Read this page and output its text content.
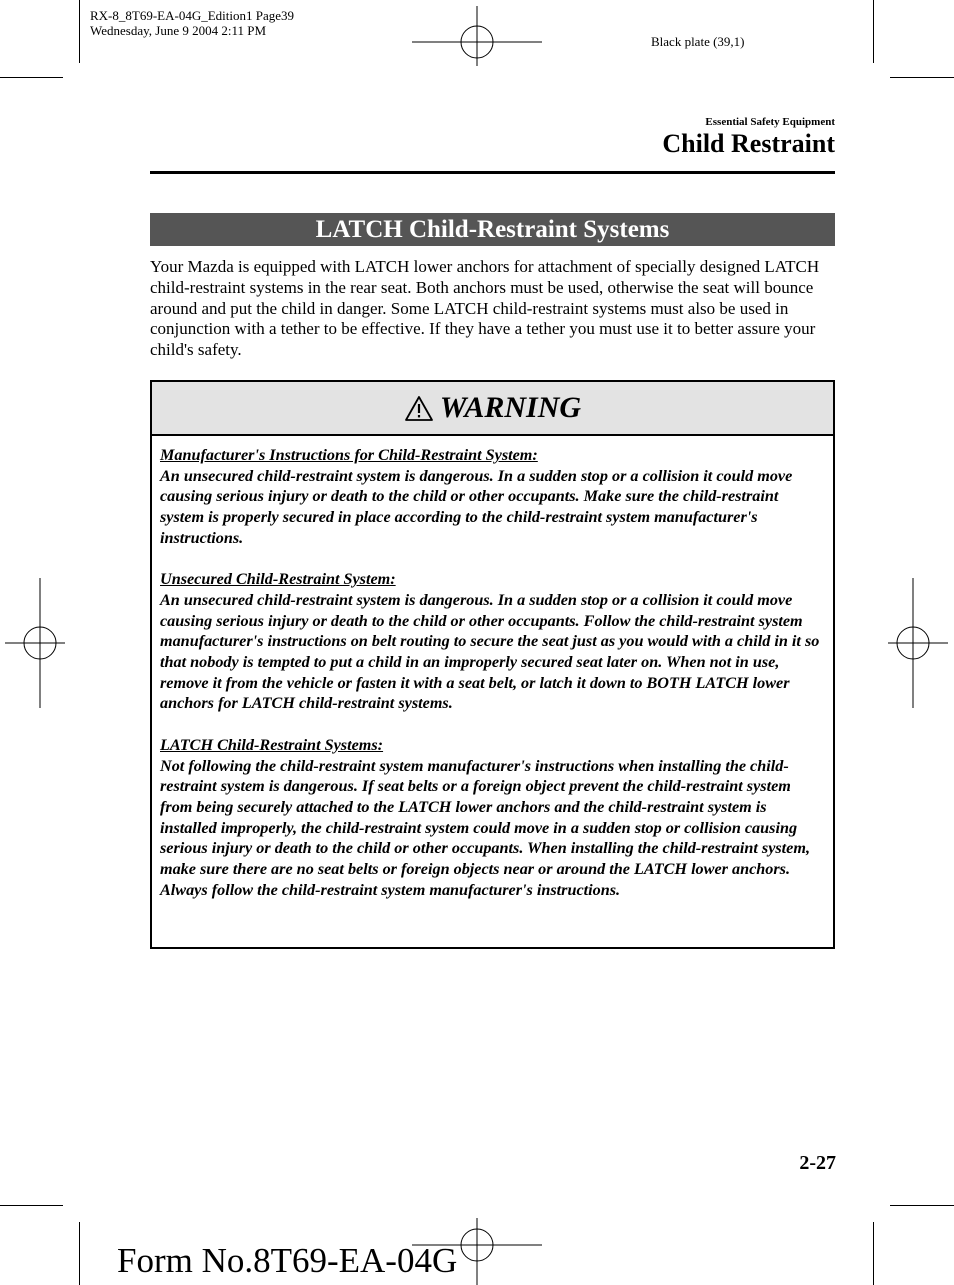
RX-8_8T69-EA-04G_Edition1 Page39
Wednesday, June 9 2004 2:11 PM
Black plate (39,1)
Essential Safety Equipment
Child Restraint
LATCH Child-Restraint Systems
Your Mazda is equipped with LATCH lower anchors for attachment of specially designed LATCH child-restraint systems in the rear seat. Both anchors must be used, otherwise the seat will bounce around and put the child in danger. Some LATCH child-restraint systems must also be used in conjunction with a tether to be effective. If they have a tether you must use it to better assure your child's safety.
WARNING

Manufacturer's Instructions for Child-Restraint System:
An unsecured child-restraint system is dangerous. In a sudden stop or a collision it could move causing serious injury or death to the child or other occupants. Make sure the child-restraint system is properly secured in place according to the child-restraint system manufacturer's instructions.

Unsecured Child-Restraint System:
An unsecured child-restraint system is dangerous. In a sudden stop or a collision it could move causing serious injury or death to the child or other occupants. Follow the child-restraint system manufacturer's instructions on belt routing to secure the seat just as you would with a child in it so that nobody is tempted to put a child in an improperly secured seat later on. When not in use, remove it from the vehicle or fasten it with a seat belt, or latch it down to BOTH LATCH lower anchors for LATCH child-restraint systems.

LATCH Child-Restraint Systems:
Not following the child-restraint system manufacturer's instructions when installing the child-restraint system is dangerous. If seat belts or a foreign object prevent the child-restraint system from being securely attached to the LATCH lower anchors and the child-restraint system is installed improperly, the child-restraint system could move in a sudden stop or collision causing serious injury or death to the child or other occupants. When installing the child-restraint system, make sure there are no seat belts or foreign objects near or around the LATCH lower anchors. Always follow the child-restraint system manufacturer's instructions.

2-27
Form No.8T69-EA-04G
